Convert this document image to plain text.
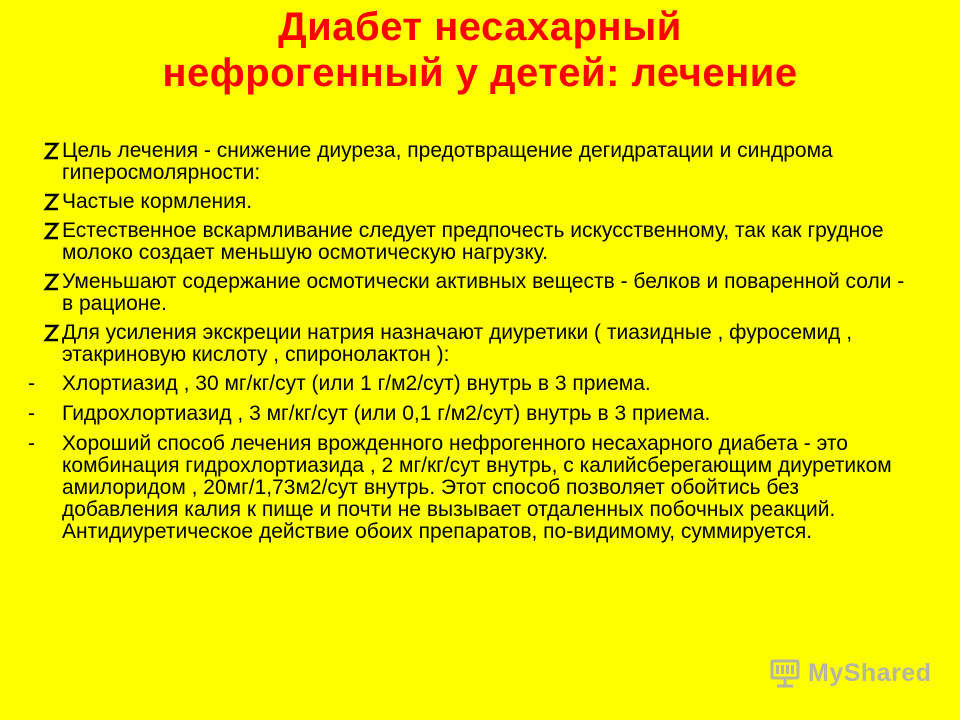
Диабет несахарный
нефрогенный у детей: лечение
Цель лечения - снижение диуреза, предотвращение дегидратации и синдрома гиперосмолярности:
Частые кормления.
Естественное вскармливание следует предпочесть искусственному, так как грудное молоко создает меньшую осмотическую нагрузку.
Уменьшают содержание осмотически активных веществ - белков и поваренной соли - в рационе.
Для усиления экскреции натрия назначают диуретики ( тиазидные , фуросемид , этакриновую кислоту , спиронолактон ):
- Хлортиазид , 30 мг/кг/сут (или 1 г/м2/сут) внутрь в 3 приема.
- Гидрохлортиазид , 3 мг/кг/сут (или 0,1 г/м2/сут) внутрь в 3 приема.
- Хороший способ лечения врожденного нефрогенного несахарного диабета - это комбинация гидрохлортиазида , 2 мг/кг/сут внутрь, с калийсберегающим диуретиком амилоридом , 20мг/1,73м2/сут внутрь. Этот способ позволяет обойтись без добавления калия к пище и почти не вызывает отдаленных побочных реакций. Антидиуретическое действие обоих препаратов, по-видимому, суммируется.
MyShared
